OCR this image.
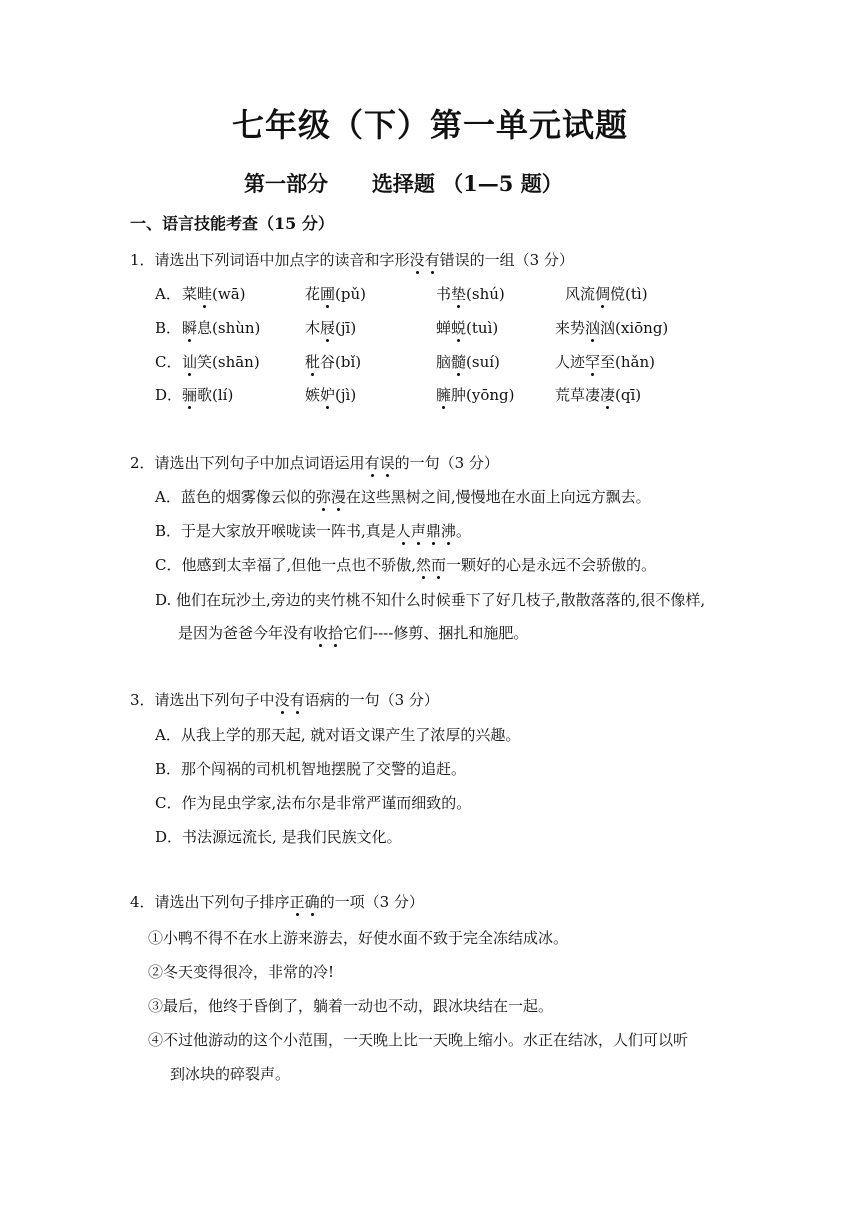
七年级（下）第一单元试题
第一部分      选择题 （1—5 题）
一、语言技能考查（15 分）
1．请选出下列词语中加点字的读音和字形没有错误的一组（3 分）
A． 菜畦(wā)	花圃(pǔ)	书垫(shú)	风流倜傥(tì)
B． 瞬息(shùn)	木屐(jī)	蝉蜕(tuì)	来势汹汹(xiōng)
C． 讪笑(shān)	秕谷(bǐ)	脑髓(suí)	人迹罕至(hǎn)
D． 骊歌(lí)	嫉妒(jì)	臃肿(yōng)	荒草凄凄(qī)
2．请选出下列句子中加点词语运用有误的一句（3 分）
A．蓝色的烟雾像云似的弥漫在这些黑树之间,慢慢地在水面上向远方飘去。
B．于是大家放开喉咙读一阵书,真是人声鼎沸。
C．他感到太幸福了,但他一点也不骄傲,然而一颗好的心是永远不会骄傲的。
D. 他们在玩沙土,旁边的夹竹桃不知什么时候垂下了好几枝子,散散落落的,很不像样,
是因为爸爸今年没有收拾它们----修剪、捆扎和施肥。
3．请选出下列句子中没有语病的一句（3 分）
A．从我上学的那天起, 就对语文课产生了浓厚的兴趣。
B．那个闯祸的司机机智地摆脱了交警的追赶。
C．作为昆虫学家,法布尔是非常严谨而细致的。
D．书法源远流长, 是我们民族文化。
4．请选出下列句子排序正确的一项（3 分）
①小鸭不得不在水上游来游去，好使水面不致于完全冻结成冰。
②冬天变得很冷，非常的冷!
③最后，他终于昏倒了，躺着一动也不动，跟冰块结在一起。
④不过他游动的这个小范围，一天晚上比一天晚上缩小。水正在结冰，人们可以听
到冰块的碎裂声。
